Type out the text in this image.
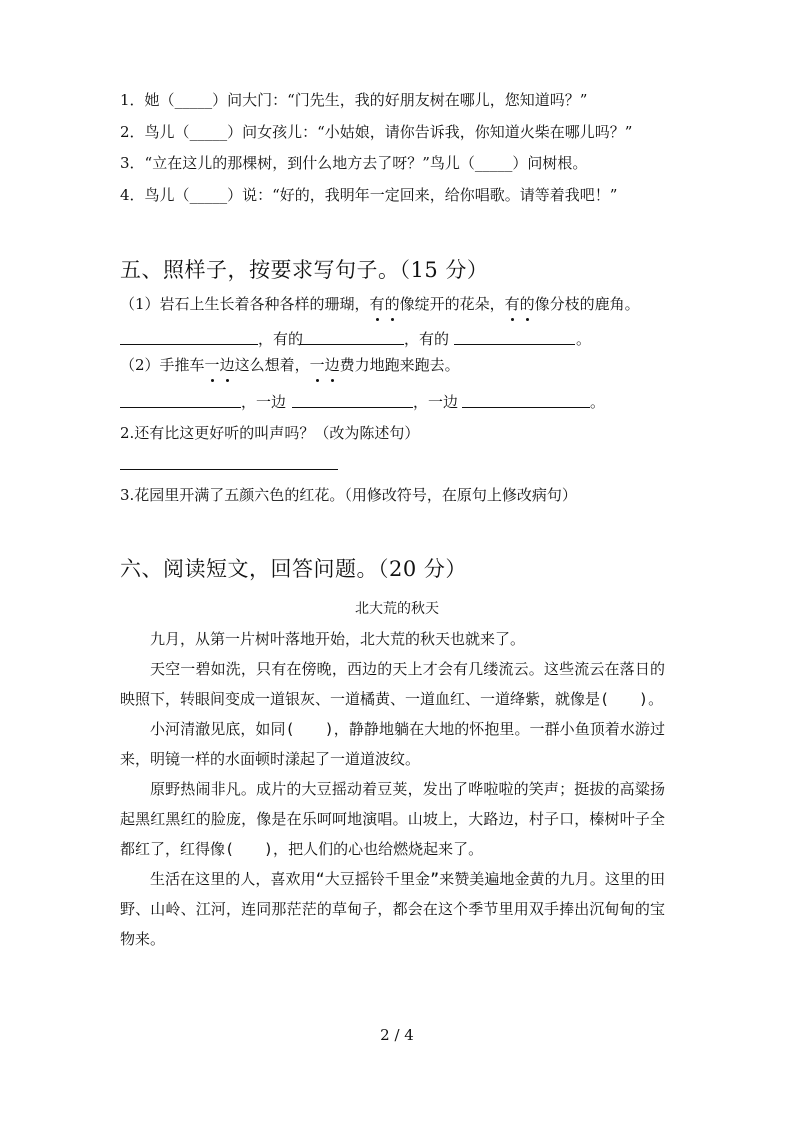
1．她（_____）问大门：“门先生，我的好朋友树在哪儿，您知道吗？”
2．鸟儿（_____）问女孩儿：“小姑娘，请你告诉我，你知道火柴在哪儿吗？”
3．“立在这儿的那棵树，到什么地方去了呀？”鸟儿（_____）问树根。
4．鸟儿（_____）说：“好的，我明年一定回来，给你唱歌。请等着我吧！”
五、照样子，按要求写句子。（15 分）
（1）岩石上生长着各种各样的珊瑚，有的像绽开的花朵，有的像分枝的鹿角。
，有的	，有的	。
（2）手推车一边这么想着，一边费力地跑来跑去。
，一边	，一边	。
2.还有比这更好听的叫声吗？（改为陈述句）
3.花园里开满了五颜六色的红花。（用修改符号，在原句上修改病句）
六、阅读短文，回答问题。（20 分）
北大荒的秋天

九月，从第一片树叶落地开始，北大荒的秋天也就来了。

天空一碧如洗，只有在傍晚，西边的天上才会有几缕流云。这些流云在落日的映照下，转眼间变成一道银灰、一道橘黄、一道血红、一道绛紫，就像是(　　)。

小河清澈见底，如同(　　)，静静地躺在大地的怀抱里。一群小鱼顶着水游过来，明镜一样的水面顿时漾起了一道道波纹。

原野热闹非凡。成片的大豆摇动着豆荚，发出了哗啦啦的笑声；挺拔的高粱扬起黑红黑红的脸庞，像是在乐呵呵地演唱。山坡上，大路边，村子口，榛树叶子全都红了，红得像(　　)，把人们的心也给燃烧起来了。

生活在这里的人，喜欢用“大豆摇铃千里金”来赞美遍地金黄的九月。这里的田野、山岭、江河，连同那茫茫的草甸子，都会在这个季节里用双手捧出沉甸甸的宝物来。

2 / 4
